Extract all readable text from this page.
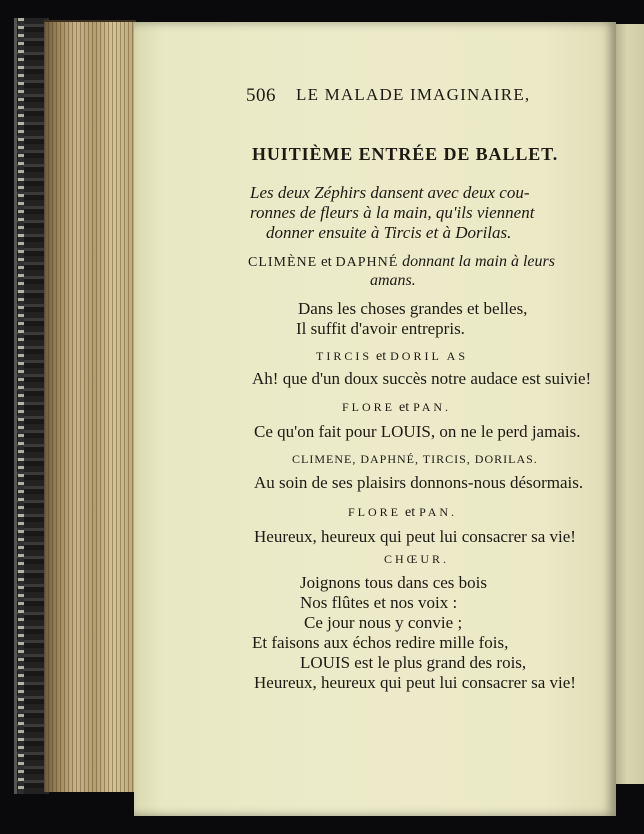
506 LE MALADE IMAGINAIRE,
HUITIÈME ENTRÉE DE BALLET.
Les deux Zéphirs dansent avec deux cou-
ronnes de fleurs à la main, qu'ils viennent
donner ensuite à Tircis et à Dorilas.
CLIMÈNE et DAPHNÉ donnant la main à leurs
amans.
Dans les choses grandes et belles,
Il suffit d'avoir entrepris.
TIRCIS et DORIL AS
Ah! que d'un doux succès notre audace est suivie!
FLORE et PAN.
Ce qu'on fait pour LOUIS, on ne le perd jamais.
CLIMENE, DAPHNÉ, TIRCIS, DORILAS.
Au soin de ses plaisirs donnons-nous désormais.
FLORE et PAN.
Heureux, heureux qui peut lui consacrer sa vie!
CHŒUR.
Joignons tous dans ces bois
Nos flûtes et nos voix :
Ce jour nous y convie ;
Et faisons aux échos redire mille fois,
LOUIS est le plus grand des rois,
Heureux, heureux qui peut lui consacrer sa vie!
